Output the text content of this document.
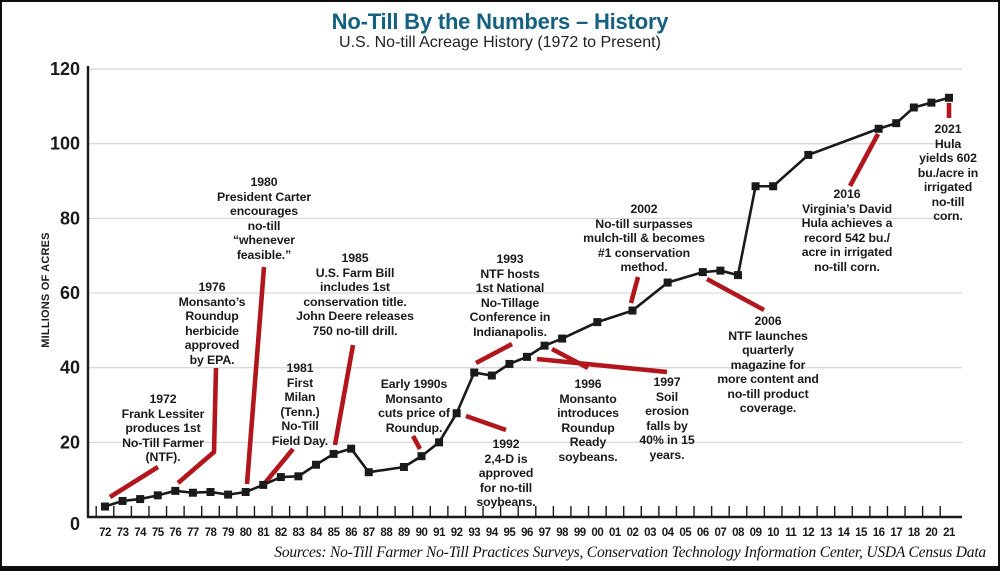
No-Till By the Numbers – History
U.S. No-till Acreage History (1972 to Present)
MILLIONS OF ACRES
0
20
40
60
80
100
120
72 73 74 75 76 77 78 79 80 81 82 83 84 85 86 87 88 89 90 91 92 93 94 95 96 97 98 99 00 01 02 03 04 05 06 07 08 09 10 11 12 13 14 15 16 17 18 20 21
1972
Frank Lessiter
produces 1st
No-Till Farmer
(NTF).
1976
Monsanto’s
Roundup
herbicide
approved
by EPA.
1980
President Carter
encourages
no-till
“whenever
feasible.”
1981
First
Milan
(Tenn.)
No-Till
Field Day.
1985
U.S. Farm Bill
includes 1st
conservation title.
John Deere releases
750 no-till drill.
Early 1990s
Monsanto
cuts price of
Roundup.
1992
2,4-D is
approved
for no-till
soybeans.
1993
NTF hosts
1st National
No-Tillage
Conference in
Indianapolis.
1996
Monsanto
introduces
Roundup
Ready
soybeans.
1997
Soil
erosion
falls by
40% in 15
years.
2002
No-till surpasses
mulch-till & becomes
#1 conservation
method.
2006
NTF launches
quarterly
magazine for
more content and
no-till product
coverage.
2016
Virginia’s David
Hula achieves a
record 542 bu./
acre in irrigated
no-till corn.
2021
Hula
yields 602
bu./acre in
irrigated
no-till
corn.
Sources: No-Till Farmer No-Till Practices Surveys, Conservation Technology Information Center, USDA Census Data
